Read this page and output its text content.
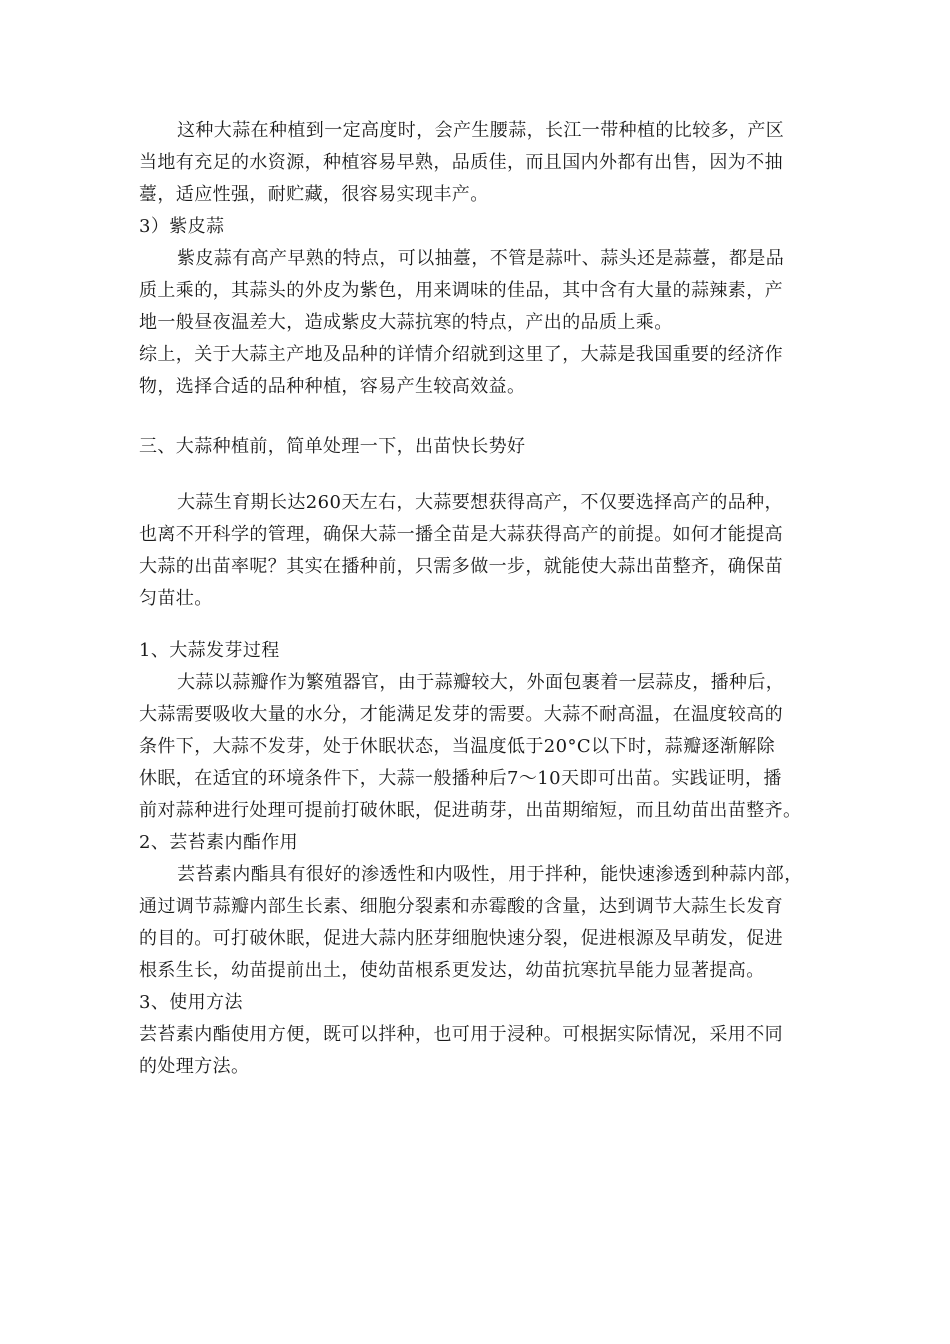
这种大蒜在种植到一定高度时，会产生腰蒜，长江一带种植的比较多，产区
当地有充足的水资源，种植容易早熟，品质佳，而且国内外都有出售，因为不抽
薹，适应性强，耐贮藏，很容易实现丰产。
3）紫皮蒜
紫皮蒜有高产早熟的特点，可以抽薹，不管是蒜叶、蒜头还是蒜薹，都是品
质上乘的，其蒜头的外皮为紫色，用来调味的佳品，其中含有大量的蒜辣素，产
地一般昼夜温差大，造成紫皮大蒜抗寒的特点，产出的品质上乘。
综上，关于大蒜主产地及品种的详情介绍就到这里了，大蒜是我国重要的经济作
物，选择合适的品种种植，容易产生较高效益。
三、大蒜种植前，简单处理一下，出苗快长势好
大蒜生育期长达260天左右，大蒜要想获得高产，不仅要选择高产的品种，
也离不开科学的管理，确保大蒜一播全苗是大蒜获得高产的前提。如何才能提高
大蒜的出苗率呢？其实在播种前，只需多做一步，就能使大蒜出苗整齐，确保苗
匀苗壮。
1、大蒜发芽过程
大蒜以蒜瓣作为繁殖器官，由于蒜瓣较大，外面包裹着一层蒜皮，播种后，
大蒜需要吸收大量的水分，才能满足发芽的需要。大蒜不耐高温，在温度较高的
条件下，大蒜不发芽，处于休眠状态，当温度低于20°C以下时，蒜瓣逐渐解除
休眠，在适宜的环境条件下，大蒜一般播种后7～10天即可出苗。实践证明，播
前对蒜种进行处理可提前打破休眠，促进萌芽，出苗期缩短，而且幼苗出苗整齐。
2、芸苔素内酯作用
芸苔素内酯具有很好的渗透性和内吸性，用于拌种，能快速渗透到种蒜内部，
通过调节蒜瓣内部生长素、细胞分裂素和赤霉酸的含量，达到调节大蒜生长发育
的目的。可打破休眠，促进大蒜内胚芽细胞快速分裂，促进根源及早萌发，促进
根系生长，幼苗提前出土，使幼苗根系更发达，幼苗抗寒抗旱能力显著提高。
3、使用方法
芸苔素内酯使用方便，既可以拌种，也可用于浸种。可根据实际情况，采用不同
的处理方法。
